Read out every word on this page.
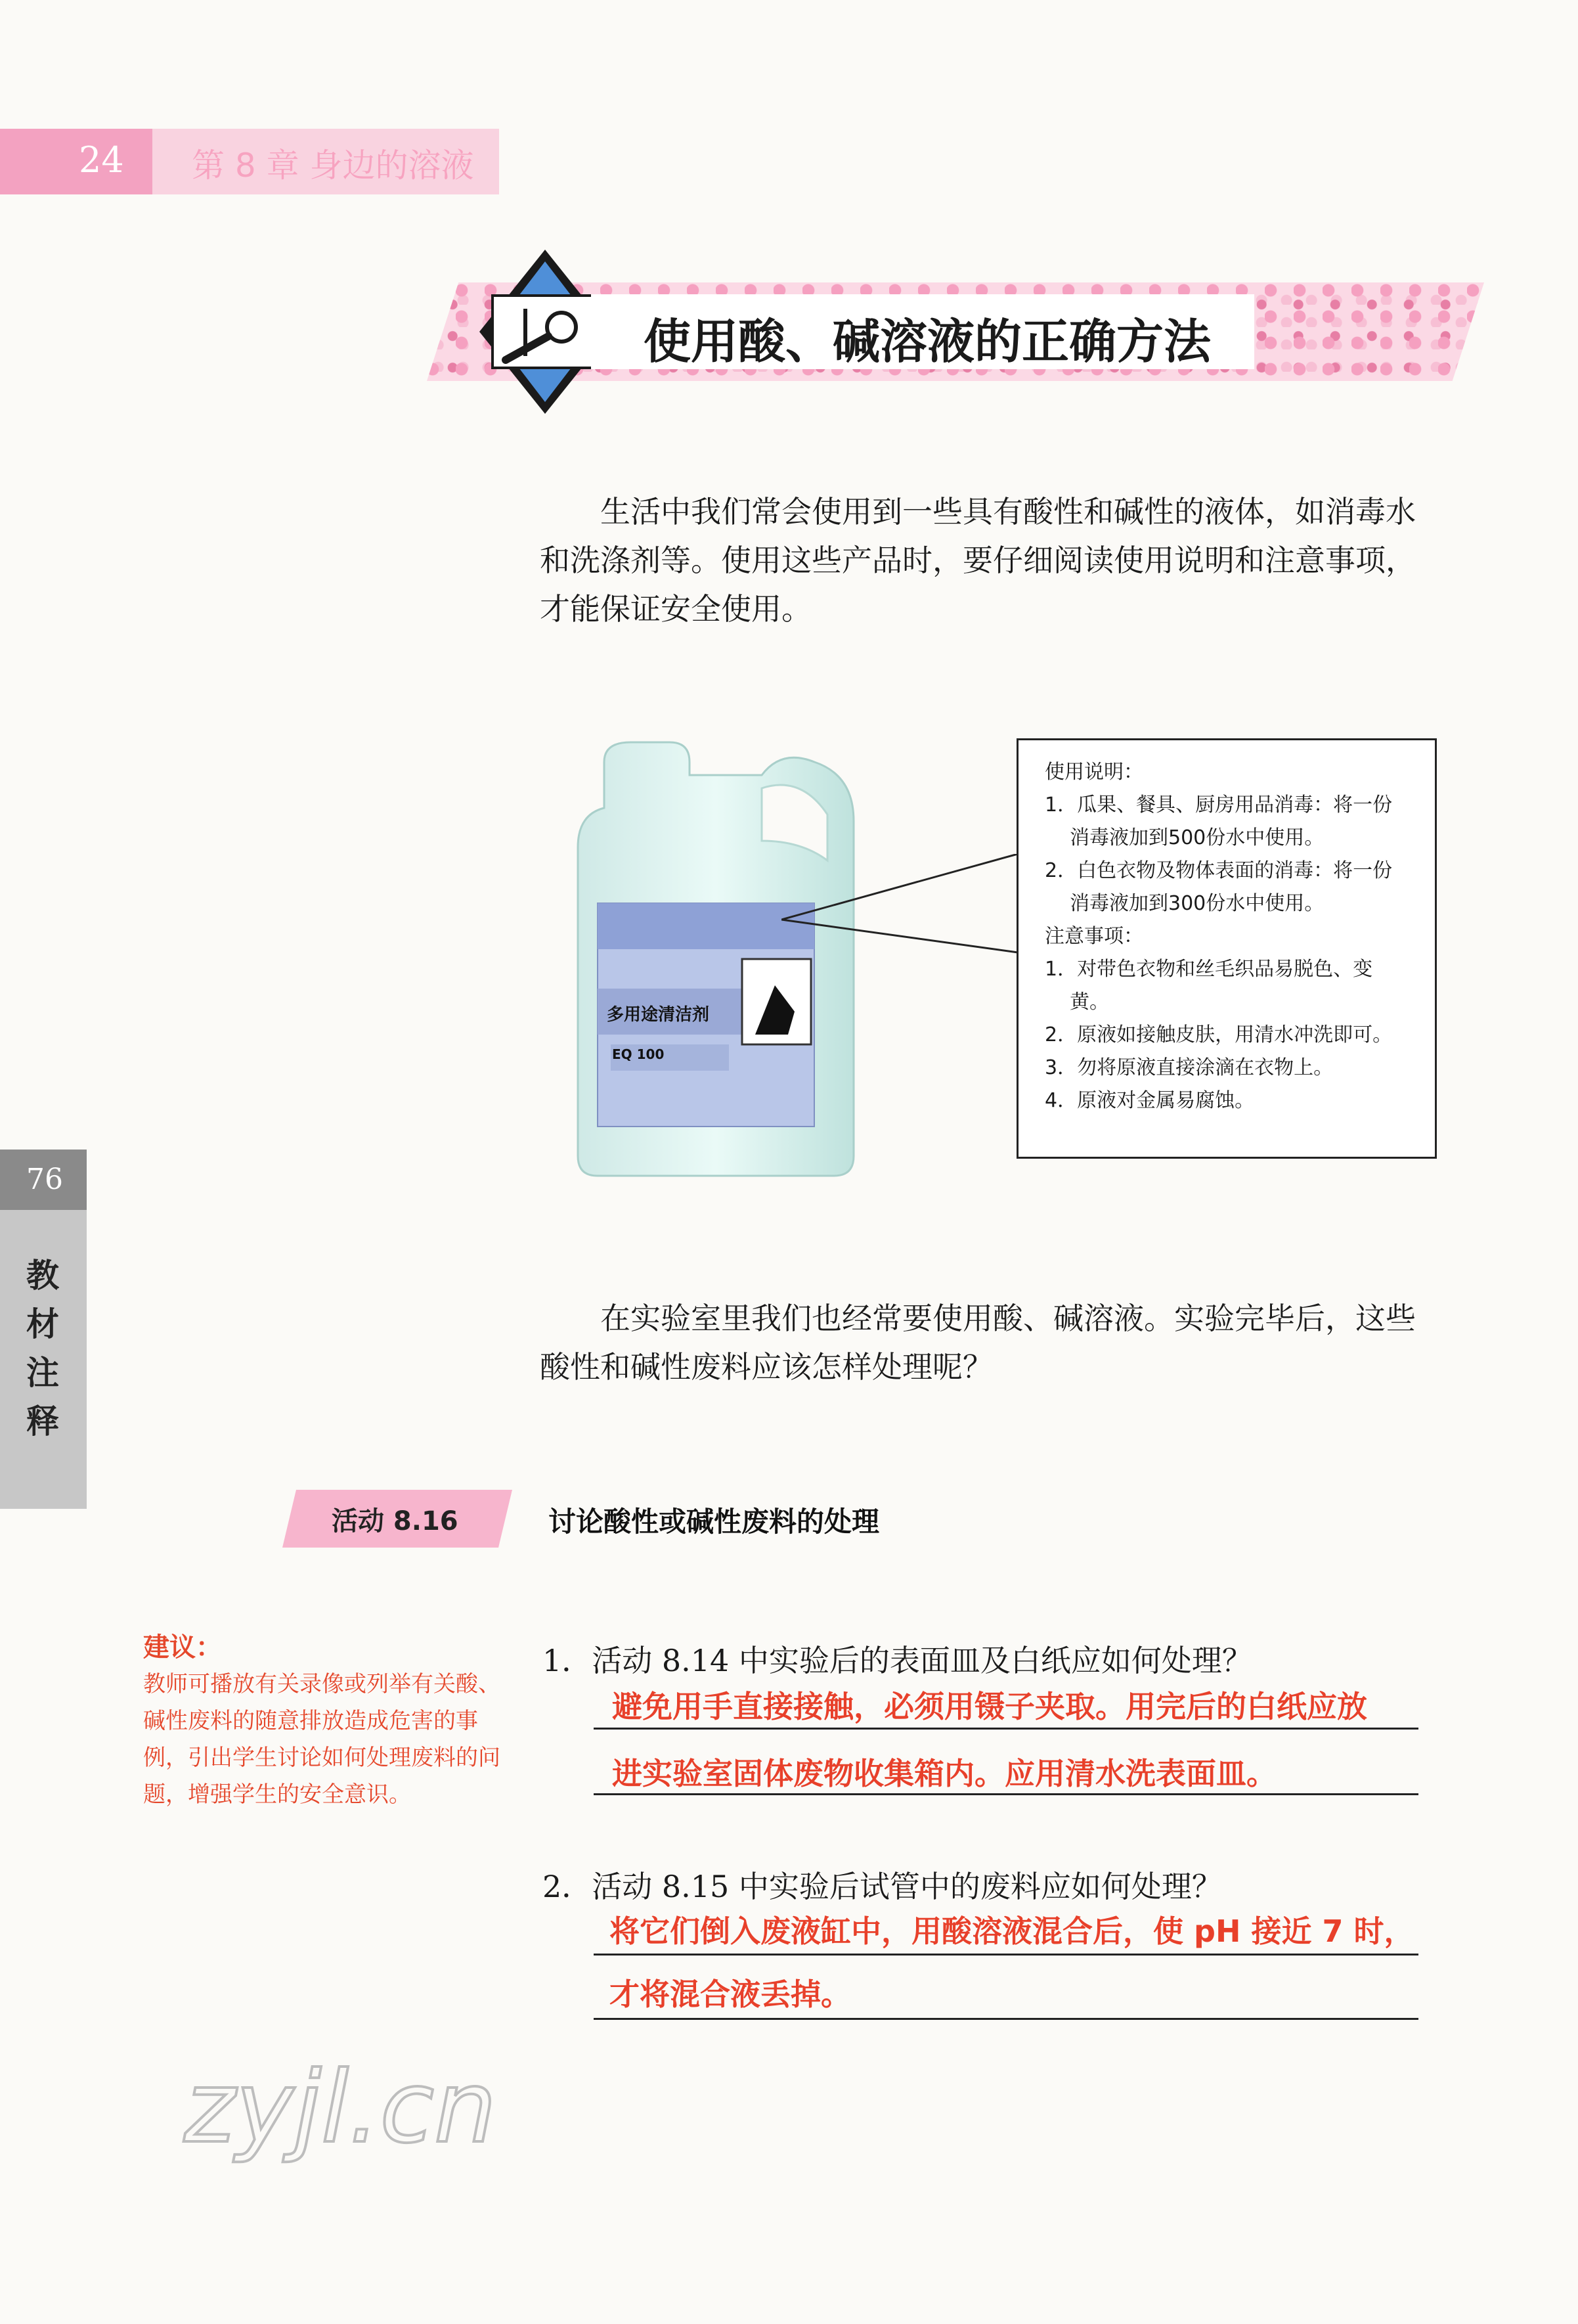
24 第 8 章 身边的溶液
使用酸、碱溶液的正确方法
生活中我们常会使用到一些具有酸性和碱性的液体，如消毒水和洗涤剂等。使用这些产品时，要仔细阅读使用说明和注意事项，才能保证安全使用。
多用途清洁剂
EQ 100
使用说明：
1．瓜果、餐具、厨房用品消毒：将一份
消毒液加到500份水中使用。
2．白色衣物及物体表面的消毒：将一份
消毒液加到300份水中使用。
注意事项：
1．对带色衣物和丝毛织品易脱色、变
黄。
2．原液如接触皮肤，用清水冲洗即可。
3．勿将原液直接涂滴在衣物上。
4．原液对金属易腐蚀。
在实验室里我们也经常要使用酸、碱溶液。实验完毕后，这些酸性和碱性废料应该怎样处理呢？
76
教材注释
活动 8.16	讨论酸性或碱性废料的处理
建议：
教师可播放有关录像或列举有关酸、碱性废料的随意排放造成危害的事例，引出学生讨论如何处理废料的问题，增强学生的安全意识。
1．活动 8.14 中实验后的表面皿及白纸应如何处理？
避免用手直接接触，必须用镊子夹取。用完后的白纸应放
进实验室固体废物收集箱内。应用清水洗表面皿。
2．活动 8.15 中实验后试管中的废料应如何处理？
将它们倒入废液缸中，用酸溶液混合后，使 pH 接近 7 时，
才将混合液丢掉。
zyjl.cn
